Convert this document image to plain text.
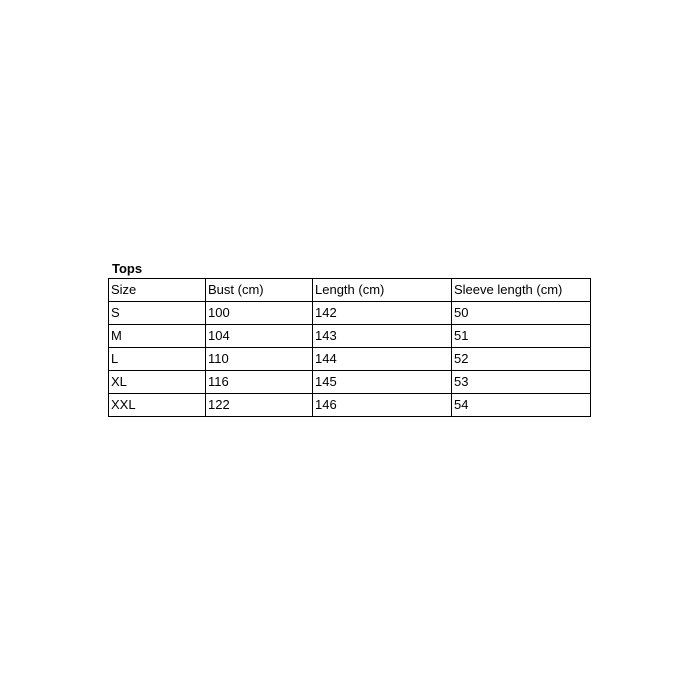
Tops

Size	Bust (cm)	Length (cm)	Sleeve length (cm)
S	100	142	50
M	104	143	51
L	110	144	52
XL	116	145	53
XXL	122	146	54
